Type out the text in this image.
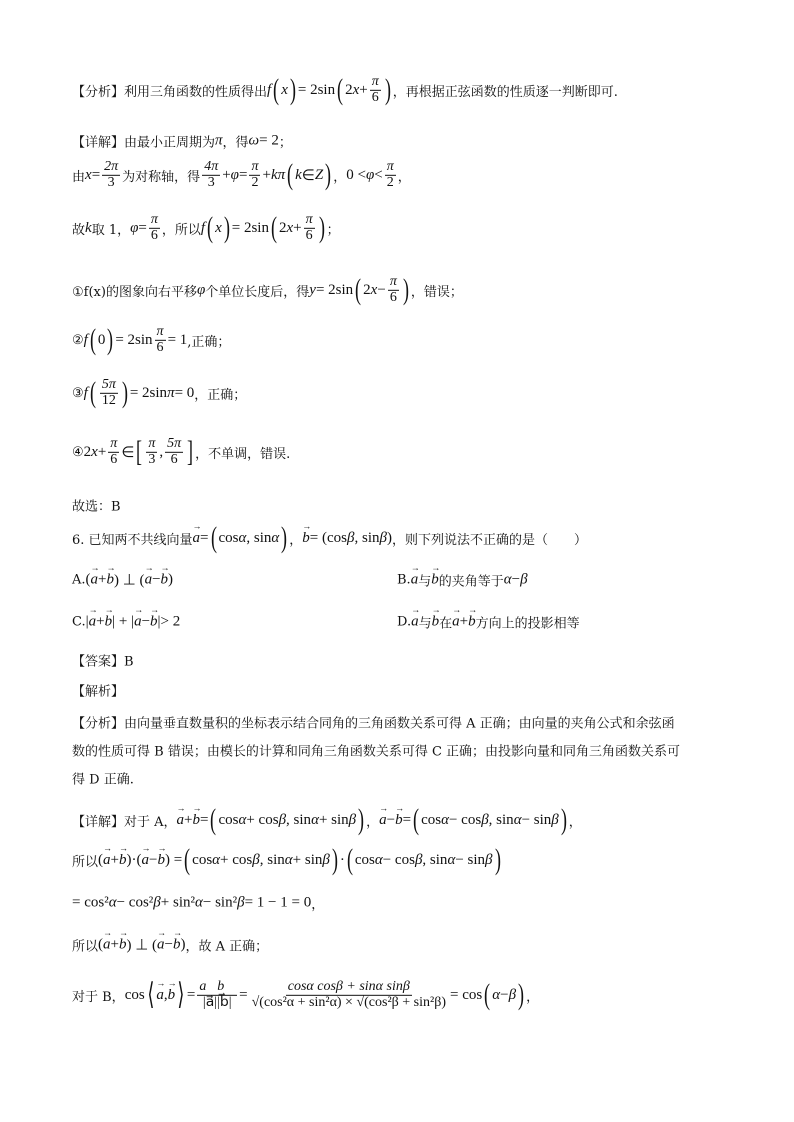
【分析】利用三角函数的性质得出 f ( x ) = 2sin ( 2 $x + \frac{\pi}{6}$ ) ，再根据正弦函数的性质逐一判断即可.
【详解】由最小正周期为 π ，得 ω = 2 ；
由 $x = \frac{2\pi}{3}$ 为对称轴，得 $\frac{4\pi}{3} + \varphi = \frac{\pi}{2} + k\pi$ ( k ∈ Z ) ， $0 < \varphi < \frac{\pi}{2}$ ，
故 k 取 1， $\varphi = \frac{\pi}{6}$ ，所以 f ( x ) = 2sin ( 2 $x + \frac{\pi}{6}$ ) ；
①f(x)的图象向右平移 φ 个单位长度后，得 y = 2sin ( 2 $x - \frac{\pi}{6}$ ) ，错误；
② f ( 0 ) = $2\sin \frac{\pi}{6} = 1$ ,正确；
③ f ( $\frac{5\pi}{12}$ ) = 2sin π = 0 ，正确；
④ 2 $x + \frac{\pi}{6}$ ∈ [ $\frac{\pi}{3}$ , $\frac{5\pi}{6}$ ] ，不单调，错误.
故选：B
6. 已知两不共线向量 → a = ( cos α , sin α ) ， → b = (cos β , sin β ) ，则下列说法不正确的是（　　）
A. ( → a + → b ) ⊥ ( → a − → b )	B. → a 与 → b 的夹角等于 α − β
C. | → a + → b | + | → a − → b |> 2	D. → a 与 → b 在 → a + → b 方向上的投影相等
【答案】B
【解析】
【分析】由向量垂直数量积的坐标表示结合同角的三角函数关系可得 A 正确；由向量的夹角公式和余弦函
数的性质可得 B 错误；由模长的计算和同角三角函数关系可得 C 正确；由投影向量和同角三角函数关系可
得 D 正确.
【详解】对于 A， → a + → b = ( cos α + cos β , sin α + sin β ) ， → a − → b = ( cos α − cos β , sin α − sin β ) ，
所以 ( → a + → b )·( → a − → b ) = ( cos α + cos β , sin α + sin β ) · ( cos α − cos β , sin α − sin β )
= cos² α − cos² β + sin² α − sin² β = 1 − 1 = 0 ，
所以 ( → a + → b ) ⊥ ( → a − → b ) ，故 A 正确；
对于 B， cos ⟨ → a , → b ⟩ = $\frac{a⃗b⃗}{|a⃗||b⃗|} = \frac{\text{cosα cosβ + sinα sinβ}}{\text{√(cos²α + sin²α) × √(cos²β + sin²β)}} = \cos$ ( α − β ) ，
